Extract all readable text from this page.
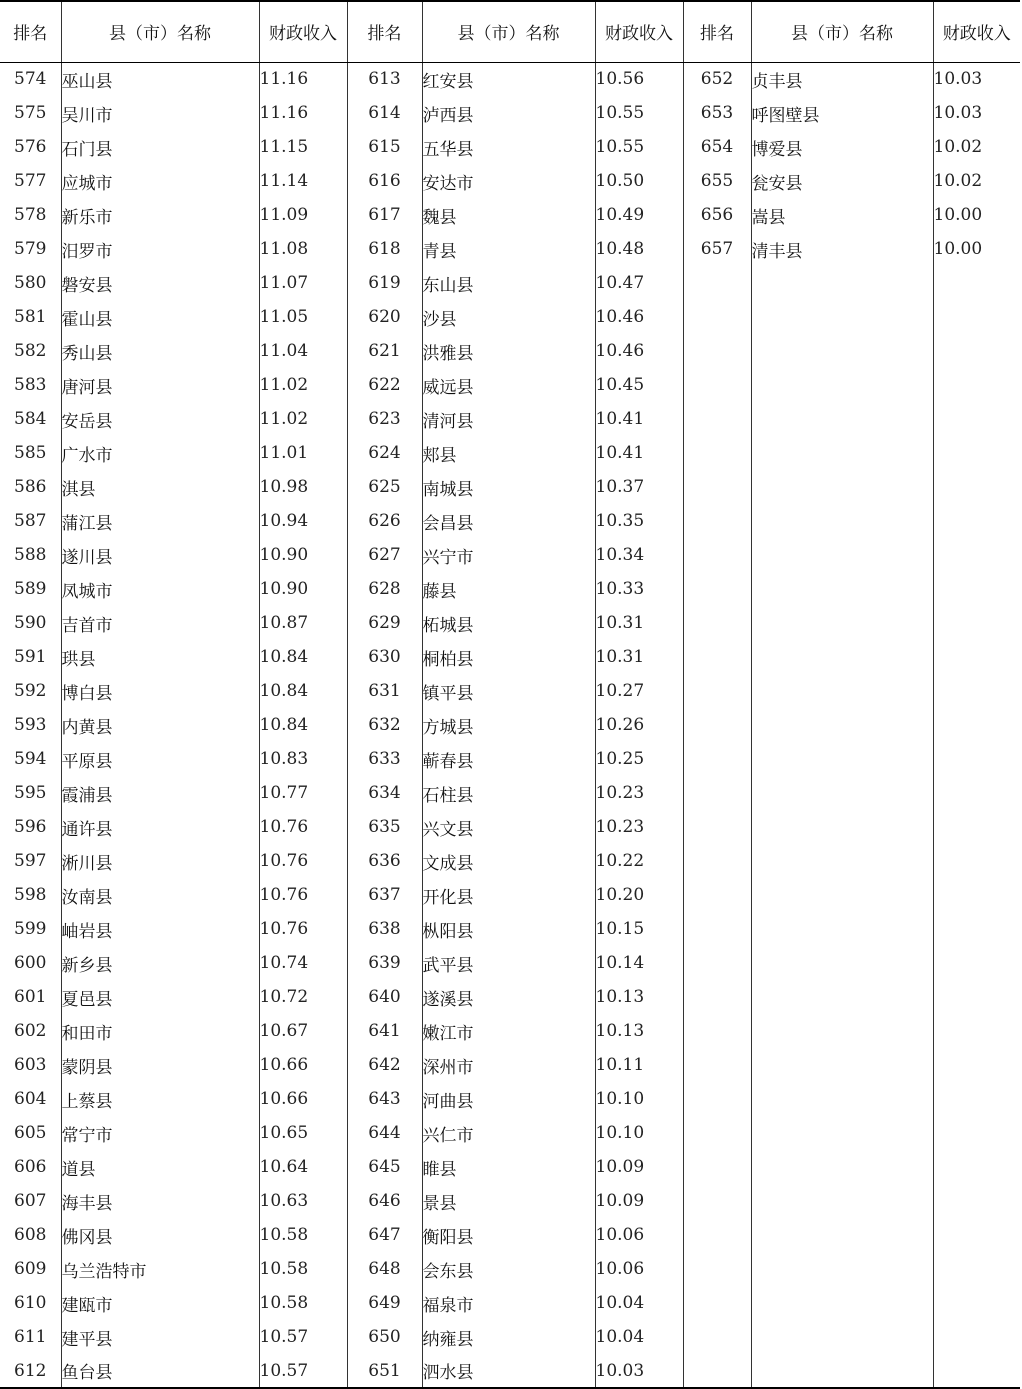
排名	县（市）名称	财政收入	排名	县（市）名称	财政收入	排名	县（市）名称	财政收入
574	巫山县	11.16	613	红安县	10.56	652	贞丰县	10.03
575	吴川市	11.16	614	泸西县	10.55	653	呼图壁县	10.03
576	石门县	11.15	615	五华县	10.55	654	博爱县	10.02
577	应城市	11.14	616	安达市	10.50	655	瓮安县	10.02
578	新乐市	11.09	617	魏县	10.49	656	嵩县	10.00
579	汨罗市	11.08	618	青县	10.48	657	清丰县	10.00
580	磐安县	11.07	619	东山县	10.47			
581	霍山县	11.05	620	沙县	10.46			
582	秀山县	11.04	621	洪雅县	10.46			
583	唐河县	11.02	622	威远县	10.45			
584	安岳县	11.02	623	清河县	10.41			
585	广水市	11.01	624	郏县	10.41			
586	淇县	10.98	625	南城县	10.37			
587	蒲江县	10.94	626	会昌县	10.35			
588	遂川县	10.90	627	兴宁市	10.34			
589	凤城市	10.90	628	藤县	10.33			
590	吉首市	10.87	629	柘城县	10.31			
591	珙县	10.84	630	桐柏县	10.31			
592	博白县	10.84	631	镇平县	10.27			
593	内黄县	10.84	632	方城县	10.26			
594	平原县	10.83	633	蕲春县	10.25			
595	霞浦县	10.77	634	石柱县	10.23			
596	通许县	10.76	635	兴文县	10.23			
597	淅川县	10.76	636	文成县	10.22			
598	汝南县	10.76	637	开化县	10.20			
599	岫岩县	10.76	638	枞阳县	10.15			
600	新乡县	10.74	639	武平县	10.14			
601	夏邑县	10.72	640	遂溪县	10.13			
602	和田市	10.67	641	嫩江市	10.13			
603	蒙阴县	10.66	642	深州市	10.11			
604	上蔡县	10.66	643	河曲县	10.10			
605	常宁市	10.65	644	兴仁市	10.10			
606	道县	10.64	645	睢县	10.09			
607	海丰县	10.63	646	景县	10.09			
608	佛冈县	10.58	647	衡阳县	10.06			
609	乌兰浩特市	10.58	648	会东县	10.06			
610	建瓯市	10.58	649	福泉市	10.04			
611	建平县	10.57	650	纳雍县	10.04			
612	鱼台县	10.57	651	泗水县	10.03			
